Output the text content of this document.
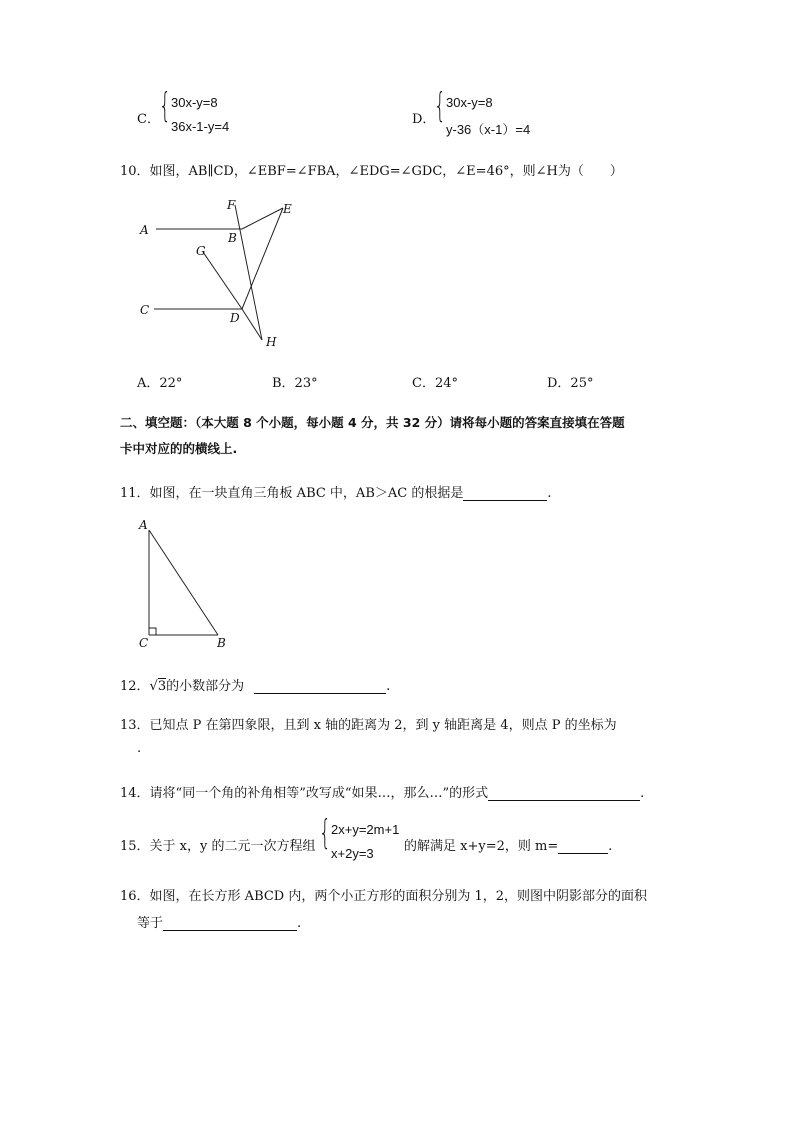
C． { 30x-y=8
36x-1-y=4	D．
{ 30x-y=8
y-36（x-1）=4
10．如图，AB∥CD，∠EBF=∠FBA，∠EDG=∠GDC，∠E=46°，则∠H为（　　）
A
B
C
D
E
F
G
H
A．22°	B．23°	C．24°	D．25°
二、填空题：（本大题 8 个小题，每小题 4 分，共 32 分）请将每小题的答案直接填在答题
卡中对应的的横线上.
11．如图，在一块直角三角板 ABC 中，AB＞AC 的根据是	.
A
C	B
12．√3的小数部分为	.
13．已知点 P 在第四象限，且到 x 轴的距离为 2，到 y 轴距离是 4，则点 P 的坐标为
.
14．请将“同一个角的补角相等”改写成“如果…，那么…”的形式	.
15．关于 x，y 的二元一次方程组 { 2x+y=2m+1
x+2y=3 的解满足 x+y=2，则 m=	.
16．如图，在长方形 ABCD 内，两个小正方形的面积分别为 1，2，则图中阴影部分的面积
等于	.
